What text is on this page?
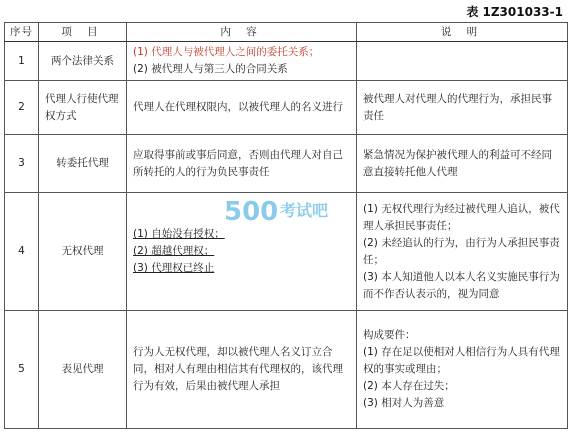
表 1Z301033-1
序号	项 目	内 容	说 明
1	两个法律关系	(1) 代理人与被代理人之间的委托关系；
(2) 被代理人与第三人的合同关系	

2	代理人行使代理权方式	代理人在代理权限内，以被代理人的名义进行	被代理人对代理人的代理行为，承担民事责任

3	转委托代理	应取得事前或事后同意，否则由代理人对自己所转托的人的行为负民事责任	紧急情况为保护被代理人的利益可不经同意直接转托他人代理

4	无权代理	(1) 自始没有授权；
(2) 超越代理权；
(3) 代理权已终止	(1) 无权代理行为经过被代理人追认，被代理人承担民事责任；
(2) 未经追认的行为，由行为人承担民事责任；
(3) 本人知道他人以本人名义实施民事行为而不作否认表示的，视为同意

5	表见代理	行为人无权代理，却以被代理人名义订立合同，相对人有理由相信其有代理权的，该代理行为有效，后果由被代理人承担	构成要件：
(1) 存在足以使相对人相信行为人具有代理权的事实或理由；
(2) 本人存在过失；
(3) 相对人为善意
500 考试吧
